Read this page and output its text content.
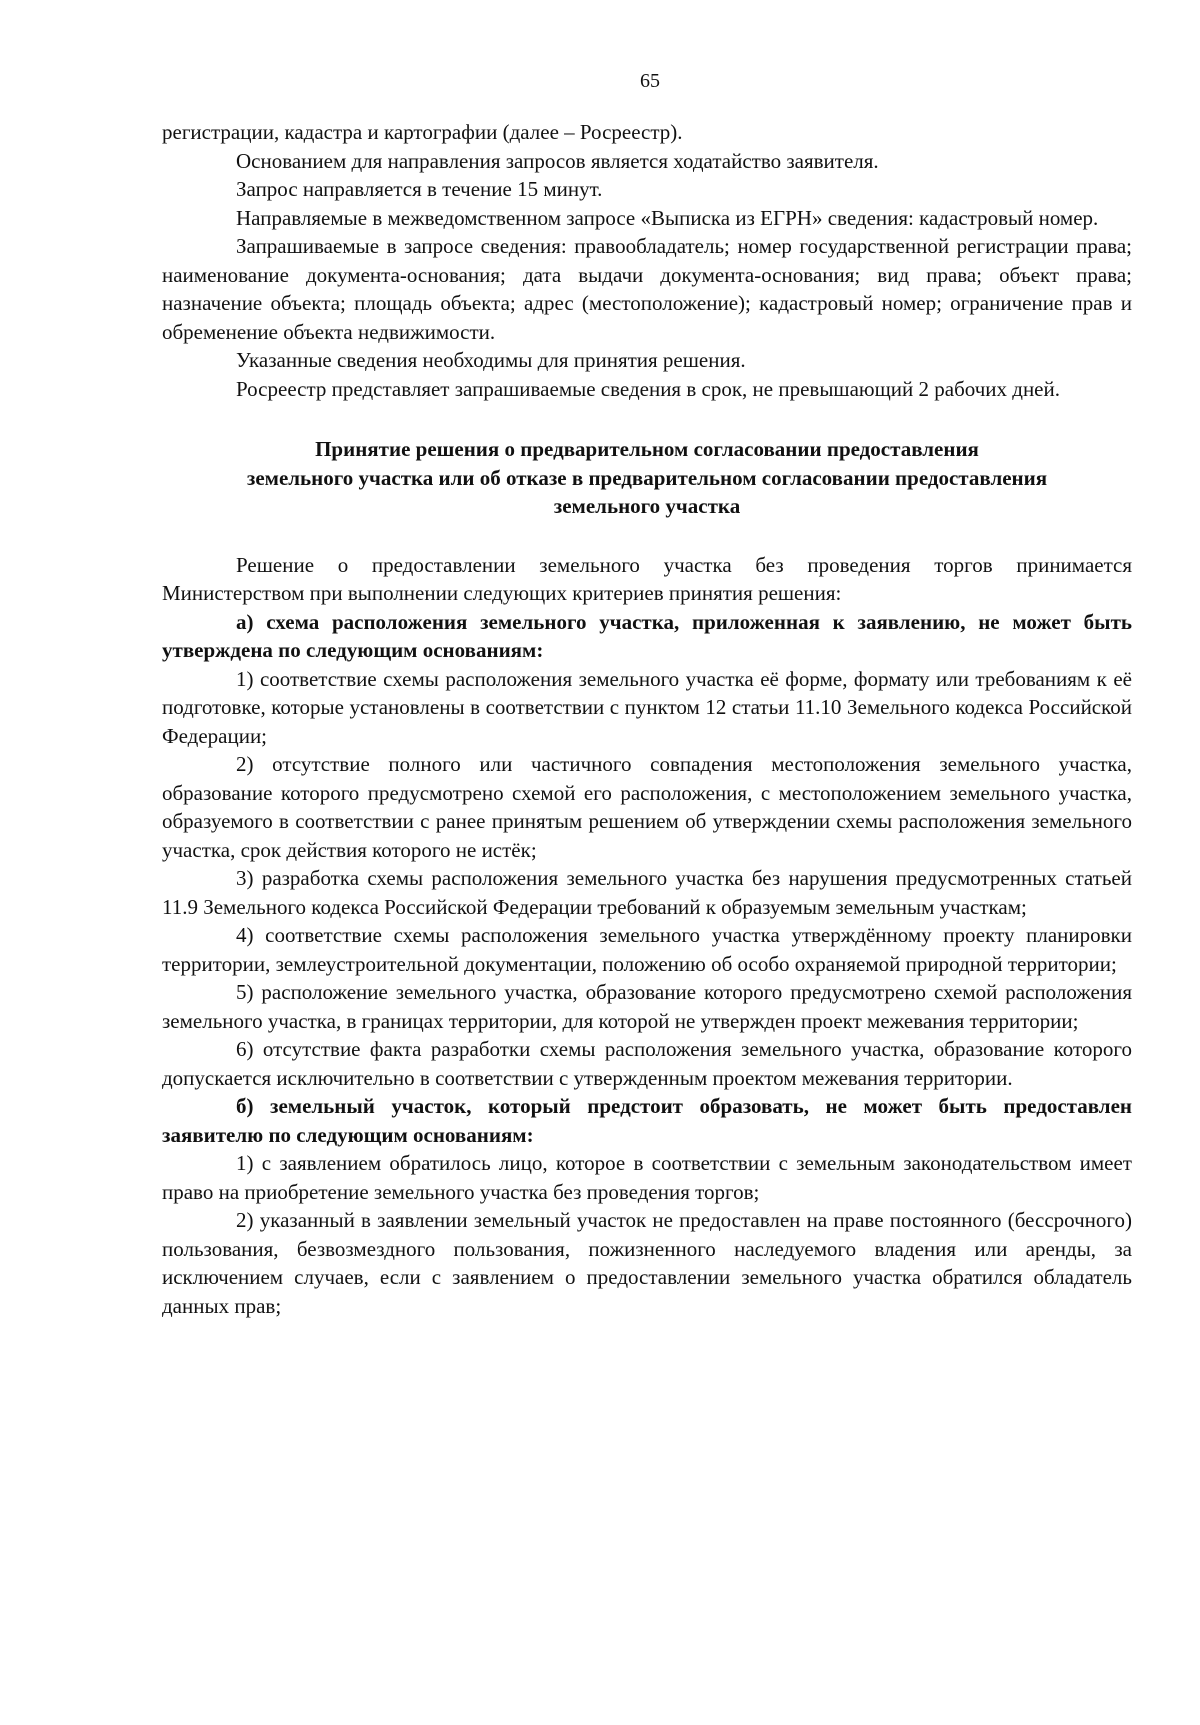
65

регистрации, кадастра и картографии (далее – Росреестр).

Основанием для направления запросов является ходатайство заявителя.

Запрос направляется в течение 15 минут.

Направляемые в межведомственном запросе «Выписка из ЕГРН» сведения: кадастровый номер.

Запрашиваемые в запросе сведения: правообладатель; номер государственной регистрации права; наименование документа-основания; дата выдачи документа-основания; вид права; объект права; назначение объекта; площадь объекта; адрес (местоположение); кадастровый номер; ограничение прав и обременение объекта недвижимости.

Указанные сведения необходимы для принятия решения.

Росреестр представляет запрашиваемые сведения в срок, не превышающий 2 рабочих дней.

Принятие решения о предварительном согласовании предоставления
земельного участка или об отказе в предварительном согласовании предоставления
земельного участка

Решение о предоставлении земельного участка без проведения торгов принимается Министерством при выполнении следующих критериев принятия решения:

а) схема расположения земельного участка, приложенная к заявлению, не может быть утверждена по следующим основаниям:

1) соответствие схемы расположения земельного участка её форме, формату или требованиям к её подготовке, которые установлены в соответствии с пунктом 12 статьи 11.10 Земельного кодекса Российской Федерации;

2) отсутствие полного или частичного совпадения местоположения земельного участка, образование которого предусмотрено схемой его расположения, с местоположением земельного участка, образуемого в соответствии с ранее принятым решением об утверждении схемы расположения земельного участка, срок действия которого не истёк;

3) разработка схемы расположения земельного участка без нарушения предусмотренных статьей 11.9 Земельного кодекса Российской Федерации требований к образуемым земельным участкам;

4) соответствие схемы расположения земельного участка утверждённому проекту планировки территории, землеустроительной документации, положению об особо охраняемой природной территории;

5) расположение земельного участка, образование которого предусмотрено схемой расположения земельного участка, в границах территории, для которой не утвержден проект межевания территории;

6) отсутствие факта разработки схемы расположения земельного участка, образование которого допускается исключительно в соответствии с утвержденным проектом межевания территории.

б) земельный участок, который предстоит образовать, не может быть предоставлен заявителю по следующим основаниям:

1) с заявлением обратилось лицо, которое в соответствии с земельным законодательством имеет право на приобретение земельного участка без проведения торгов;

2) указанный в заявлении земельный участок не предоставлен на праве постоянного (бессрочного) пользования, безвозмездного пользования, пожизненного наследуемого владения или аренды, за исключением случаев, если с заявлением о предоставлении земельного участка обратился обладатель данных прав;
